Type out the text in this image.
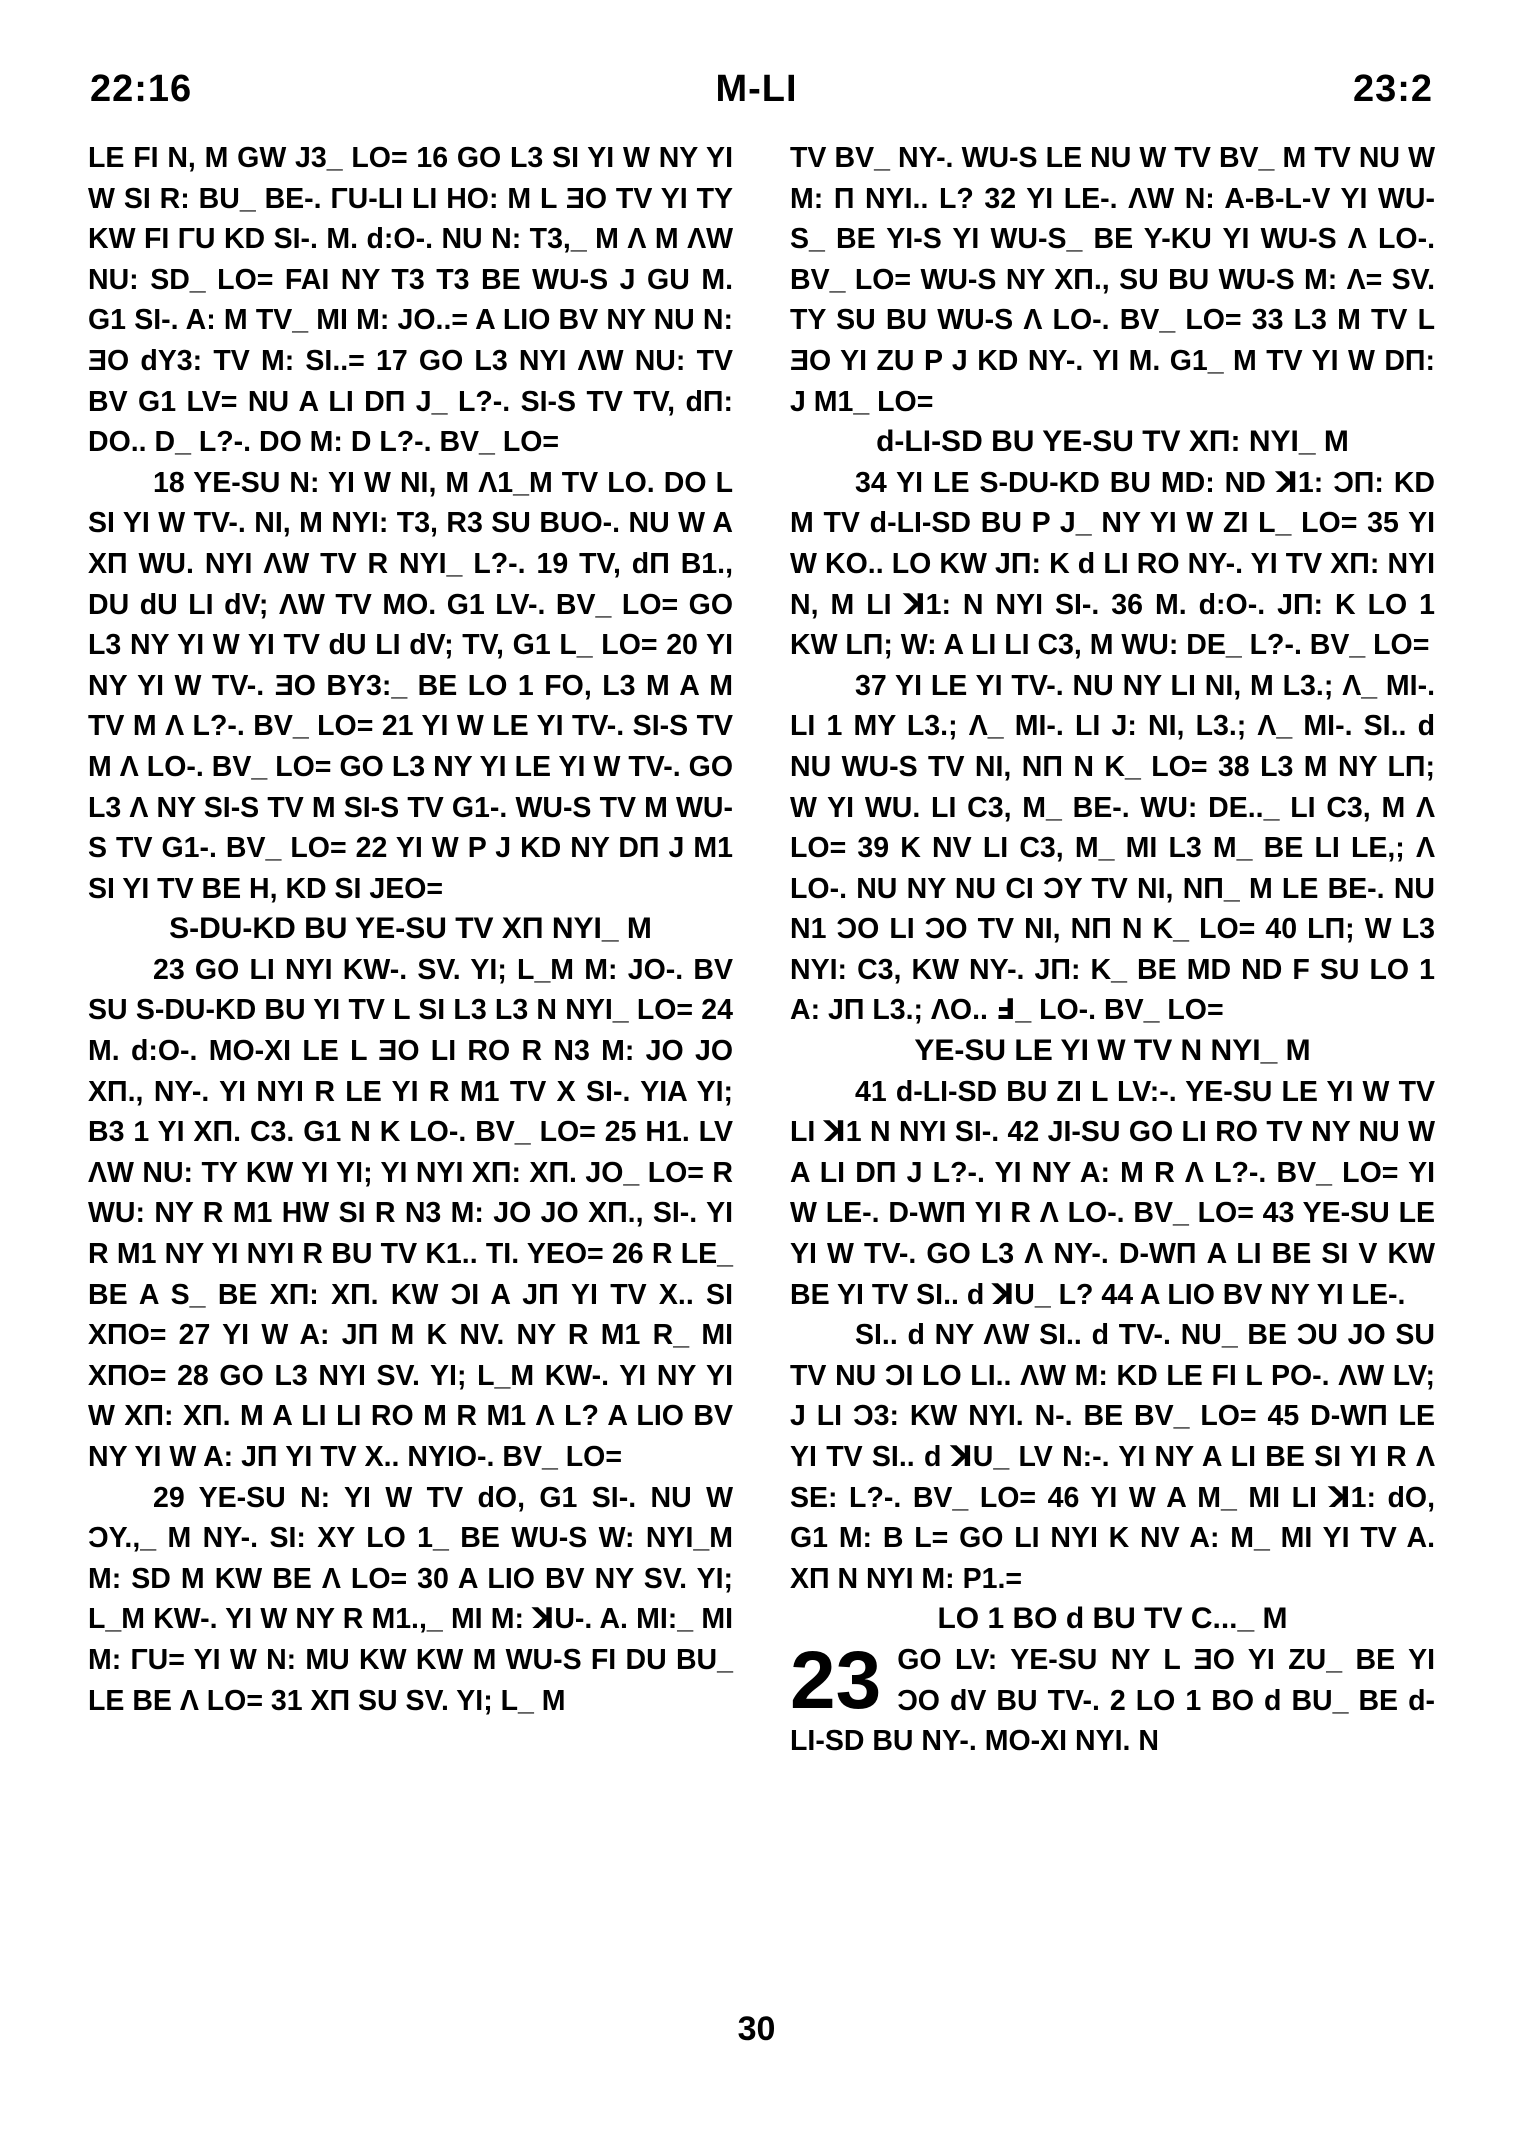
22:16	M-LI	23:2

LE FI N, M GW J3_ LO= 16 GO L3 SI YI W NY YI W SI R: BU_ BE-. ΓU-LI LI HO: M L ƎO TV YI TY KW FI ΓU KD SI-. M. d:O-. NU N: T3,_ M Λ M ΛW NU: SD_ LO= FAI NY T3 T3 BE WU-S J GU M. G1 SI-. A: M TV_ MI M: JO..= A LIO BV NY NU N: ƎO dY3: TV M: SI..= 17 GO L3 NYI ΛW NU: TV BV G1 LV= NU A LI DΠ J_ L?-. SI-S TV TV, dΠ: DO.. D_ L?-. DO M: D L?-. BV_ LO=

18 YE-SU N: YI W NI, M Λ1_M TV LO. DO L SI YI W TV-. NI, M NYI: T3, R3 SU BUO-. NU W A XΠ WU. NYI ΛW TV R NYI_ L?-. 19 TV, dΠ B1., DU dU LI dV; ΛW TV MO. G1 LV-. BV_ LO= GO L3 NY YI W YI TV dU LI dV; TV, G1 L_ LO= 20 YI NY YI W TV-. ƎO BY3:_ BE LO 1 FO, L3 M A M TV M Λ L?-. BV_ LO= 21 YI W LE YI TV-. SI-S TV M Λ LO-. BV_ LO= GO L3 NY YI LE YI W TV-. GO L3 Λ NY SI-S TV M SI-S TV G1-. WU-S TV M WU-S TV G1-. BV_ LO= 22 YI W P J KD NY DΠ J M1 SI YI TV BE H, KD SI JEO=

S-DU-KD BU YE-SU TV XΠ NYI_ M

23 GO LI NYI KW-. SV. YI; L_M M: JO-. BV SU S-DU-KD BU YI TV L SI L3 L3 N NYI_ LO= 24 M. d:O-. MO-XI LE L ƎO LI RO R N3 M: JO JO XΠ., NY-. YI NYI R LE YI R M1 TV X SI-. YIA YI; B3 1 YI XΠ. C3. G1 N K LO-. BV_ LO= 25 H1. LV ΛW NU: TY KW YI YI; YI NYI XΠ: XΠ. JO_ LO= R WU: NY R M1 HW SI R N3 M: JO JO XΠ., SI-. YI R M1 NY YI NYI R BU TV K1.. TI. YEO= 26 R LE_ BE A S_ BE XΠ: XΠ. KW ƆI A JΠ YI TV X.. SI XΠO= 27 YI W A: JΠ M K NV. NY R M1 R_ MI XΠO= 28 GO L3 NYI SV. YI; L_M KW-. YI NY YI W XΠ: XΠ. M A LI LI RO M R M1 Λ L? A LIO BV NY YI W A: JΠ YI TV X.. NYIO-. BV_ LO=

29 YE-SU N: YI W TV dO, G1 SI-. NU W ƆY.,_ M NY-. SI: XY LO 1_ BE WU-S W: NYI_M M: SD M KW BE Λ LO= 30 A LIO BV NY SV. YI; L_M KW-. YI W NY R M1.,_ MI M: ꓘU-. A. MI:_ MI M: ΓU= YI W N: MU KW KW M WU-S FI DU BU_ LE BE Λ LO= 31 XΠ SU SV. YI; L_ M

TV BV_ NY-. WU-S LE NU W TV BV_ M TV NU W M: Π NYI.. L? 32 YI LE-. ΛW N: A-B-L-V YI WU-S_ BE YI-S YI WU-S_ BE Y-KU YI WU-S Λ LO-. BV_ LO= WU-S NY XΠ., SU BU WU-S M: Λ= SV. TY SU BU WU-S Λ LO-. BV_ LO= 33 L3 M TV L ƎO YI ZU P J KD NY-. YI M. G1_ M TV YI W DΠ: J M1_ LO=

d-LI-SD BU YE-SU TV XΠ: NYI_ M

34 YI LE S-DU-KD BU MD: ND ꓘ1: ƆΠ: KD M TV d-LI-SD BU P J_ NY YI W ZI L_ LO= 35 YI W KO.. LO KW JΠ: K d LI RO NY-. YI TV XΠ: NYI N, M LI ꓘ1: N NYI SI-. 36 M. d:O-. JΠ: K LO 1 KW LΠ; W: A LI LI C3, M WU: DE_ L?-. BV_ LO=

37 YI LE YI TV-. NU NY LI NI, M L3.; Λ_ MI-. LI 1 MY L3.; Λ_ MI-. LI J: NI, L3.; Λ_ MI-. SI.. d NU WU-S TV NI, NΠ N K_ LO= 38 L3 M NY LΠ; W YI WU. LI C3, M_ BE-. WU: DE.._ LI C3, M Λ LO= 39 K NV LI C3, M_ MI L3 M_ BE LI LE,; Λ LO-. NU NY NU CI ƆY TV NI, NΠ_ M LE BE-. NU N1 ƆO LI ƆO TV NI, NΠ N K_ LO= 40 LΠ; W L3 NYI: C3, KW NY-. JΠ: K_ BE MD ND F SU LO 1 A: JΠ L3.; ΛO.. Ⅎ_ LO-. BV_ LO=

YE-SU LE YI W TV N NYI_ M

41 d-LI-SD BU ZI L LV:-. YE-SU LE YI W TV LI ꓘ1 N NYI SI-. 42 JI-SU GO LI RO TV NY NU W A LI DΠ J L?-. YI NY A: M R Λ L?-. BV_ LO= YI W LE-. D-WΠ YI R Λ LO-. BV_ LO= 43 YE-SU LE YI W TV-. GO L3 Λ NY-. D-WΠ A LI BE SI V KW BE YI TV SI.. d ꓘU_ L? 44 A LIO BV NY YI LE-.

SI.. d NY ΛW SI.. d TV-. NU_ BE ƆU JO SU TV NU ƆI LO LI.. ΛW M: KD LE FI L PO-. ΛW LV; J LI Ɔ3: KW NYI. N-. BE BV_ LO= 45 D-WΠ LE YI TV SI.. d ꓘU_ LV N:-. YI NY A LI BE SI YI R Λ SE: L?-. BV_ LO= 46 YI W A M_ MI LI ꓘ1: dO, G1 M: B L= GO LI NYI K NV A: M_ MI YI TV A. XΠ N NYI M: P1.=

LO 1 BO d BU TV C..._ M

23 GO LV: YE-SU NY L ƎO YI ZU_ BE YI ƆO dV BU TV-. 2 LO 1 BO d BU_ BE d-LI-SD BU NY-. MO-XI NYI. N

30
